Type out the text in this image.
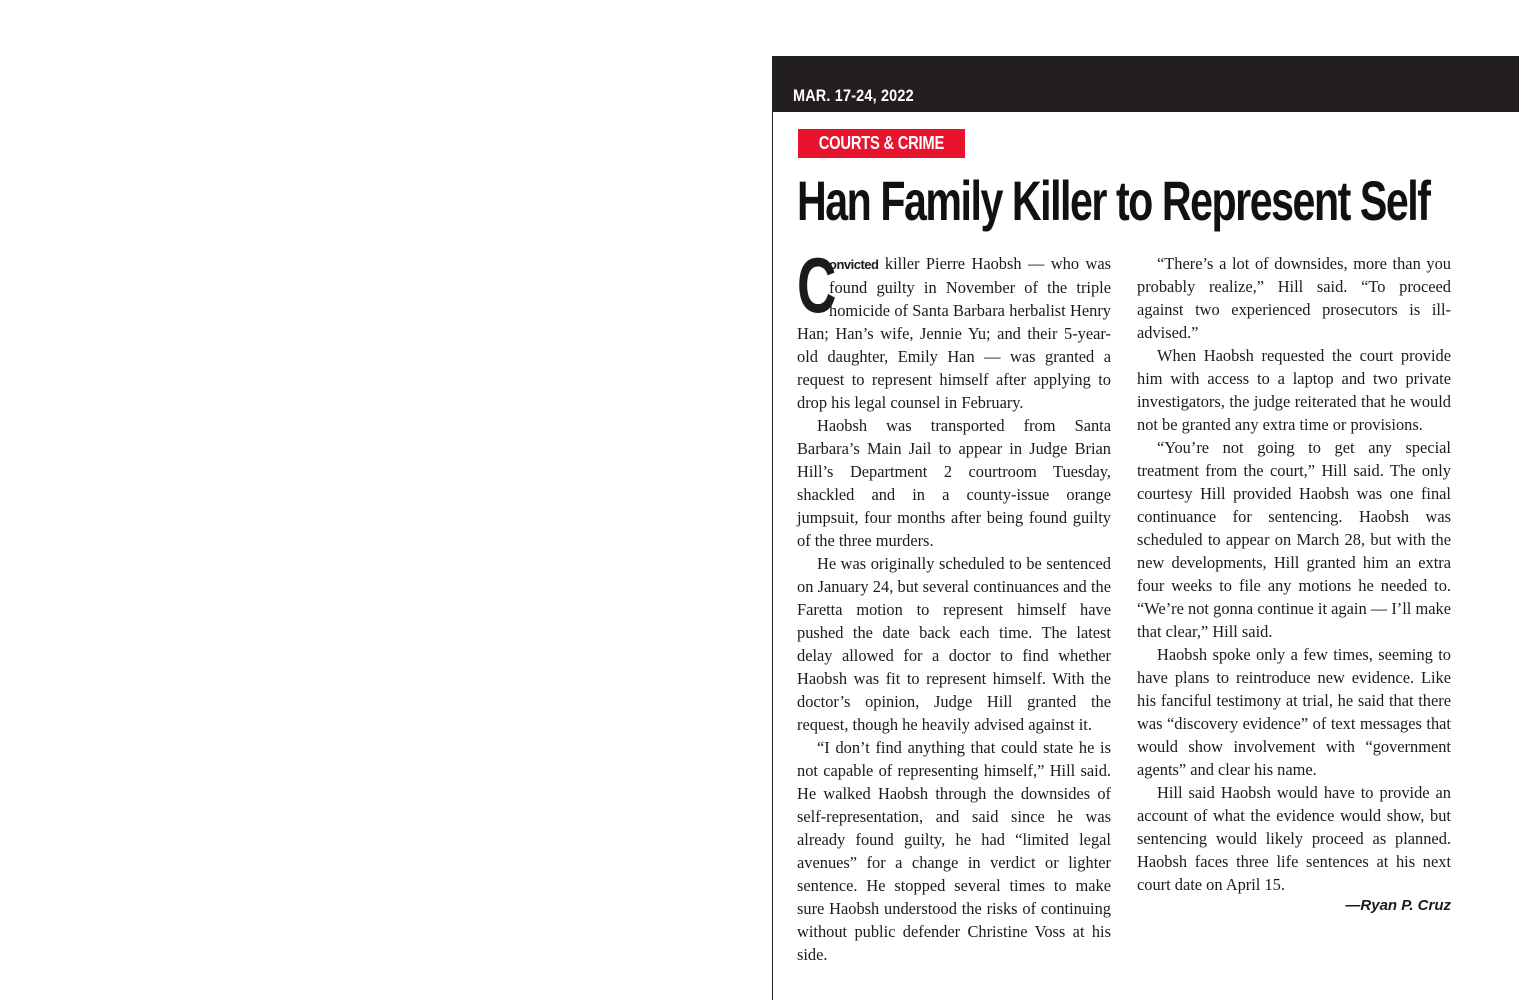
MAR. 17-24, 2022
COURTS & CRIME
Han Family Killer to Represent Self

C
onvicted killer Pierre Haobsh — who was found guilty in November of the triple homicide of Santa Barbara herbalist Henry Han; Han’s wife, Jennie Yu; and their 5-year-old daughter, Emily Han — was granted a request to represent himself after applying to drop his legal counsel in February.

Haobsh was transported from Santa Barbara’s Main Jail to appear in Judge Brian Hill’s Department 2 courtroom Tuesday, shackled and in a county-issue orange jumpsuit, four months after being found guilty of the three murders.

He was originally scheduled to be sentenced on January 24, but several continuances and the Faretta motion to represent himself have pushed the date back each time. The latest delay allowed for a doctor to find whether Haobsh was fit to represent himself. With the doctor’s opinion, Judge Hill granted the request, though he heavily advised against it.

“I don’t find anything that could state he is not capable of representing himself,” Hill said. He walked Haobsh through the downsides of self-representation, and said since he was already found guilty, he had “limited legal avenues” for a change in verdict or lighter sentence. He stopped several times to make sure Haobsh understood the risks of continuing without public defender Christine Voss at his side.

“There’s a lot of downsides, more than you probably realize,” Hill said. “To proceed against two experienced prosecutors is ill-advised.”

When Haobsh requested the court provide him with access to a laptop and two private investigators, the judge reiterated that he would not be granted any extra time or provisions.

“You’re not going to get any special treatment from the court,” Hill said. The only courtesy Hill provided Haobsh was one final continuance for sentencing. Haobsh was scheduled to appear on March 28, but with the new developments, Hill granted him an extra four weeks to file any motions he needed to. “We’re not gonna continue it again — I’ll make that clear,” Hill said.

Haobsh spoke only a few times, seeming to have plans to reintroduce new evidence. Like his fanciful testimony at trial, he said that there was “discovery evidence” of text messages that would show involvement with “government agents” and clear his name.

Hill said Haobsh would have to provide an account of what the evidence would show, but sentencing would likely proceed as planned. Haobsh faces three life sentences at his next court date on April 15.

—Ryan P. Cruz
